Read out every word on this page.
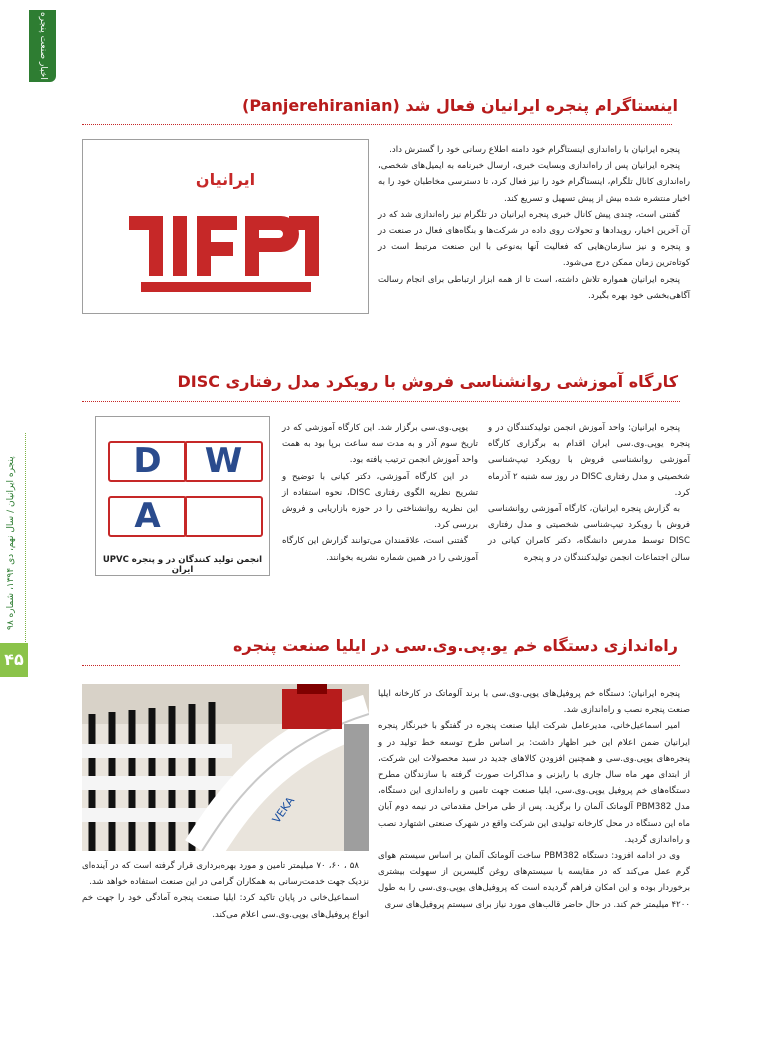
اخبار صنعت پنجره
پنجره ایرانیان / سال نهم، دی ۱۳۹۴، شماره ۹۸
۴۵
اینستاگرام پنجره ایرانیان فعال شد (Panjerehiranian)
ایرانیان

پنجره ایرانیان با راه‌اندازی اینستاگرام خود دامنه اطلاع رسانی خود را گسترش داد.

پنجره ایرانیان پس از راه‌اندازی وبسایت خبری، ارسال خبرنامه به ایمیل‌های شخصی، راه‌اندازی کانال تلگرام، اینستاگرام خود را نیز فعال کرد، تا دسترسی مخاطبان خود را به اخبار منتشره شده بیش از پیش تسهیل و تسریع کند.

گفتنی است، چندی پیش کانال خبری پنجره ایرانیان در تلگرام نیز راه‌اندازی شد که در آن آخرین اخبار، رویدادها و تحولات روی داده در شرکت‌ها و بنگاه‌های فعال در صنعت در و پنجره و نیز سازمان‌هایی که فعالیت آنها به‌نوعی با این صنعت مرتبط است در کوتاه‌ترین زمان ممکن درج می‌شود.

پنجره ایرانیان همواره تلاش داشته، است تا از همه ابزار ارتباطی برای انجام رسالت آگاهی‌بخشی خود بهره بگیرد.

کارگاه آموزشی روانشناسی فروش با رویکرد مدل رفتاری DISC
D	W
A
انجمن تولید کنندگان در و پنجره UPVC ایران

پنجره ایرانیان: واحد آموزش انجمن تولیدکنندگان در و پنجره یوپی.وی.سی ایران اقدام به برگزاری کارگاه آموزشی روانشناسی فروش با رویکرد تیپ‌شناسی شخصیتی و مدل رفتاری DISC در روز سه شنبه ۲ آذرماه کرد.

به گزارش پنجره ایرانیان، کارگاه آموزشی روانشناسی فروش با رویکرد تیپ‌شناسی شخصیتی و مدل رفتاری DISC توسط مدرس دانشگاه، دکتر کامران کیانی در سالن اجتماعات انجمن تولیدکنندگان در و پنجره

یوپی.وی.سی برگزار شد. این کارگاه آموزشی که در تاریخ سوم آذر و به مدت سه ساعت برپا بود به همت واحد آموزش انجمن ترتیب یافته بود.

در این کارگاه آموزشی، دکتر کیانی با توضیح و تشریح نظریه الگوی رفتاری DISC، نحوه استفاده از این نظریه روانشناختی را در حوزه بازاریابی و فروش بررسی کرد.

گفتنی است، علاقمندان می‌توانند گزارش این کارگاه آموزشی را در همین شماره نشریه بخوانند.

راه‌اندازی دستگاه خم یو.پی.وی.سی در ایلیا صنعت پنجره
VEKA

پنجره ایرانیان: دستگاه خم پروفیل‌های یوپی.وی.سی با برند آلوماتک در کارخانه ایلیا صنعت پنجره نصب و راه‌اندازی شد.

امیر اسماعیل‌خانی، مدیرعامل شرکت ایلیا صنعت پنجره در گفتگو با خبرنگار پنجره ایرانیان ضمن اعلام این خبر اظهار داشت: بر اساس طرح توسعه خط تولید در و پنجره‌های یوپی.وی.سی و همچنین افزودن کالاهای جدید در سبد محصولات این شرکت، از ابتدای مهر ماه سال جاری با رایزنی و مذاکرات صورت گرفته با سازندگان مطرح دستگاه‌های خم پروفیل یوپی.وی.سی، ایلیا صنعت جهت تامین و راه‌اندازی این دستگاه، مدل PBM382 آلوماتک آلمان را برگزید. پس از طی مراحل مقدماتی در نیمه دوم آبان ماه این دستگاه در محل کارخانه تولیدی این شرکت واقع در شهرک صنعتی اشتهارد نصب و راه‌اندازی گردید.

وی در ادامه افزود: دستگاه PBM382 ساخت آلوماتک آلمان بر اساس سیستم هوای گرم عمل می‌کند که در مقایسه با سیستم‌های روغن گلیسرین از سهولت بیشتری برخوردار بوده و این امکان فراهم گردیده است که پروفیل‌های یوپی.وی.سی را به طول ۴۲۰۰ میلیمتر خم کند. در حال حاضر قالب‌های مورد نیاز برای سیستم پروفیل‌های سری

۵۸ ، ۶۰، ۷۰ میلیمتر تامین و مورد بهره‌برداری قرار گرفته است که در آینده‌ای نزدیک جهت خدمت‌رسانی به همکاران گرامی در این صنعت استفاده خواهد شد.

اسماعیل‌خانی در پایان تاکید کرد: ایلیا صنعت پنجره آمادگی خود را جهت خم انواع پروفیل‌های یوپی.وی.سی اعلام می‌کند.
